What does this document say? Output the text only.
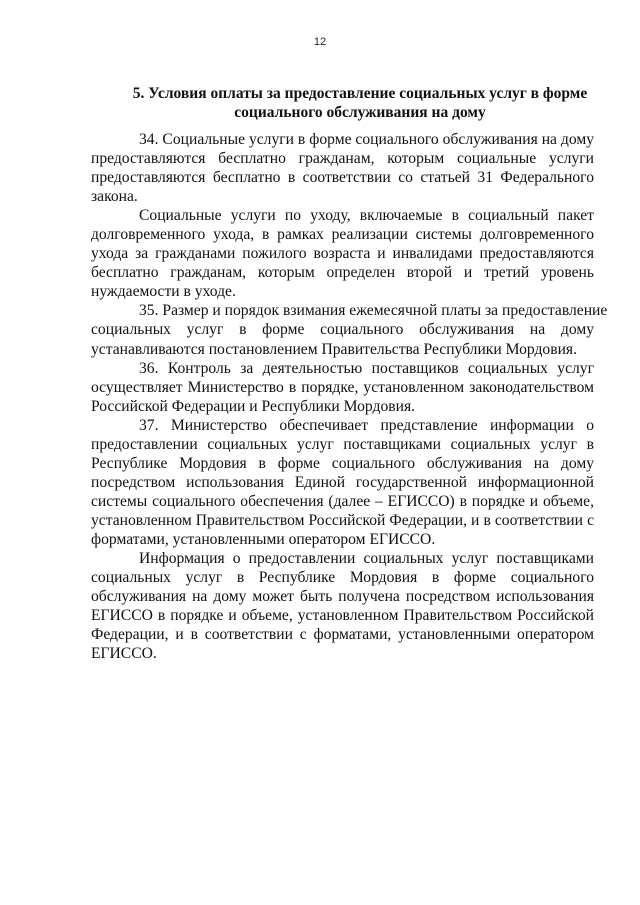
12
5. Условия оплаты за предоставление социальных услуг в форме
социального обслуживания на дому
34. Социальные услуги в форме социального обслуживания на дому
предоставляются бесплатно гражданам, которым социальные услуги
предоставляются бесплатно в соответствии со статьей 31 Федерального
закона.
Социальные услуги по уходу, включаемые в социальный пакет
долговременного ухода, в рамках реализации системы долговременного
ухода за гражданами пожилого возраста и инвалидами предоставляются
бесплатно гражданам, которым определен второй и третий уровень
нуждаемости в уходе.
35. Размер и порядок взимания ежемесячной платы за предоставление
социальных услуг в форме социального обслуживания на дому
устанавливаются постановлением Правительства Республики Мордовия.
36. Контроль за деятельностью поставщиков социальных услуг
осуществляет Министерство в порядке, установленном законодательством
Российской Федерации и Республики Мордовия.
37. Министерство обеспечивает представление информации о
предоставлении социальных услуг поставщиками социальных услуг в
Республике Мордовия в форме социального обслуживания на дому
посредством использования Единой государственной информационной
системы социального обеспечения (далее – ЕГИССО) в порядке и объеме,
установленном Правительством Российской Федерации, и в соответствии с
форматами, установленными оператором ЕГИССО.
Информация о предоставлении социальных услуг поставщиками
социальных услуг в Республике Мордовия в форме социального
обслуживания на дому может быть получена посредством использования
ЕГИССО в порядке и объеме, установленном Правительством Российской
Федерации, и в соответствии с форматами, установленными оператором
ЕГИССО.
